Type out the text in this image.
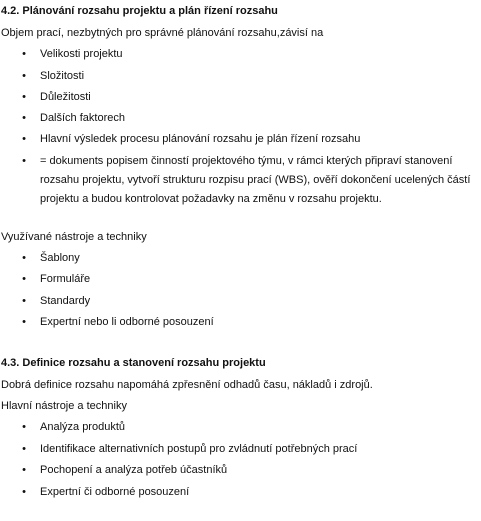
4.2. Plánování rozsahu projektu a plán řízení rozsahu
Objem prací, nezbytných pro správné plánování rozsahu,závisí na
• Velikosti projektu
• Složitosti
• Důležitosti
• Dalších faktorech
• Hlavní výsledek procesu plánování rozsahu je plán řízení rozsahu
• = dokuments popisem činností projektového týmu, v rámci kterých připraví stanovení
rozsahu projektu, vytvoří strukturu rozpisu prací (WBS), ověří dokončení ucelených částí
projektu a budou kontrolovat požadavky na změnu v rozsahu projektu.
Využívané nástroje a techniky
• Šablony
• Formuláře
• Standardy
• Expertní nebo li odborné posouzení
4.3. Definice rozsahu a stanovení rozsahu projektu
Dobrá definice rozsahu napomáhá zpřesnění odhadů času, nákladů i zdrojů.
Hlavní nástroje a techniky
• Analýza produktů
• Identifikace alternativních postupů pro zvládnutí potřebných prací
• Pochopení a analýza potřeb účastníků
• Expertní či odborné posouzení
